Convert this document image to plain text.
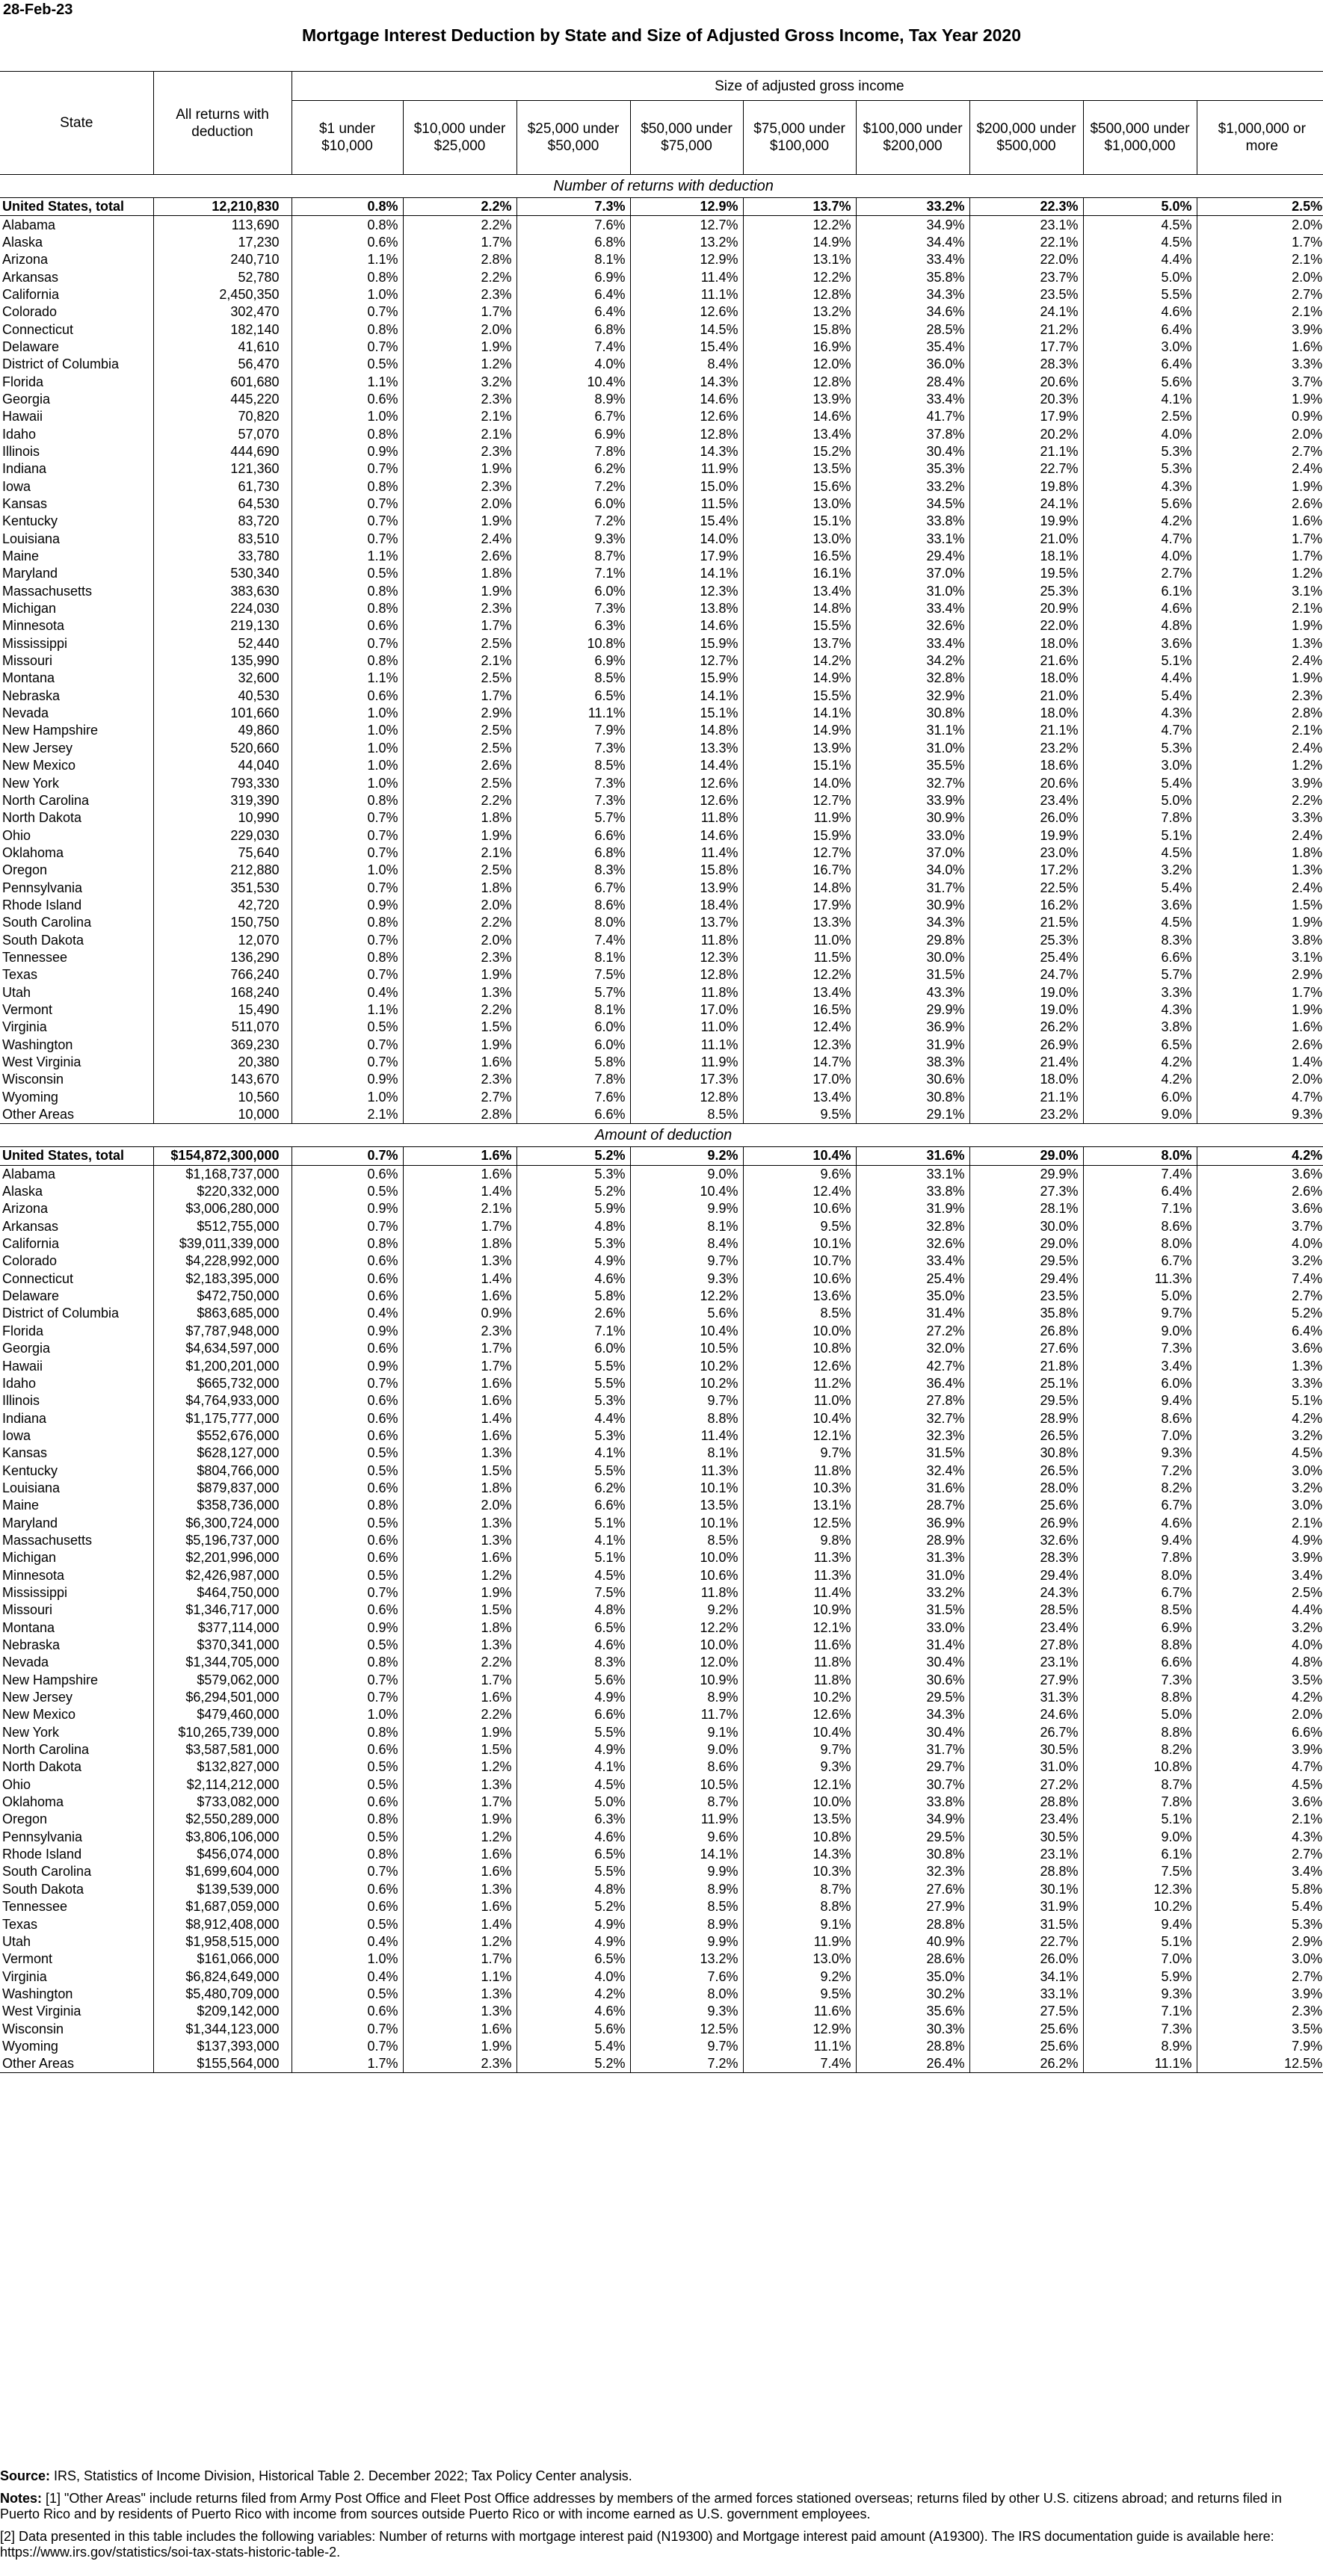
28-Feb-23
Mortgage Interest Deduction by State and Size of Adjusted Gross Income, Tax Year 2020
State	All returns with deduction	Size of adjusted gross income								
		$1 under $10,000	$10,000 under $25,000	$25,000 under $50,000	$50,000 under $75,000	$75,000 under $100,000	$100,000 under $200,000	$200,000 under $500,000	$500,000 under $1,000,000	$1,000,000 or more
Number of returns with deduction										
United States, total	12,210,830	0.8%	2.2%	7.3%	12.9%	13.7%	33.2%	22.3%	5.0%	2.5%
Alabama	113,690	0.8%	2.2%	7.6%	12.7%	12.2%	34.9%	23.1%	4.5%	2.0%
Alaska	17,230	0.6%	1.7%	6.8%	13.2%	14.9%	34.4%	22.1%	4.5%	1.7%
Arizona	240,710	1.1%	2.8%	8.1%	12.9%	13.1%	33.4%	22.0%	4.4%	2.1%
Arkansas	52,780	0.8%	2.2%	6.9%	11.4%	12.2%	35.8%	23.7%	5.0%	2.0%
California	2,450,350	1.0%	2.3%	6.4%	11.1%	12.8%	34.3%	23.5%	5.5%	2.7%
Colorado	302,470	0.7%	1.7%	6.4%	12.6%	13.2%	34.6%	24.1%	4.6%	2.1%
Connecticut	182,140	0.8%	2.0%	6.8%	14.5%	15.8%	28.5%	21.2%	6.4%	3.9%
Delaware	41,610	0.7%	1.9%	7.4%	15.4%	16.9%	35.4%	17.7%	3.0%	1.6%
District of Columbia	56,470	0.5%	1.2%	4.0%	8.4%	12.0%	36.0%	28.3%	6.4%	3.3%
Florida	601,680	1.1%	3.2%	10.4%	14.3%	12.8%	28.4%	20.6%	5.6%	3.7%
Georgia	445,220	0.6%	2.3%	8.9%	14.6%	13.9%	33.4%	20.3%	4.1%	1.9%
Hawaii	70,820	1.0%	2.1%	6.7%	12.6%	14.6%	41.7%	17.9%	2.5%	0.9%
Idaho	57,070	0.8%	2.1%	6.9%	12.8%	13.4%	37.8%	20.2%	4.0%	2.0%
Illinois	444,690	0.9%	2.3%	7.8%	14.3%	15.2%	30.4%	21.1%	5.3%	2.7%
Indiana	121,360	0.7%	1.9%	6.2%	11.9%	13.5%	35.3%	22.7%	5.3%	2.4%
Iowa	61,730	0.8%	2.3%	7.2%	15.0%	15.6%	33.2%	19.8%	4.3%	1.9%
Kansas	64,530	0.7%	2.0%	6.0%	11.5%	13.0%	34.5%	24.1%	5.6%	2.6%
Kentucky	83,720	0.7%	1.9%	7.2%	15.4%	15.1%	33.8%	19.9%	4.2%	1.6%
Louisiana	83,510	0.7%	2.4%	9.3%	14.0%	13.0%	33.1%	21.0%	4.7%	1.7%
Maine	33,780	1.1%	2.6%	8.7%	17.9%	16.5%	29.4%	18.1%	4.0%	1.7%
Maryland	530,340	0.5%	1.8%	7.1%	14.1%	16.1%	37.0%	19.5%	2.7%	1.2%
Massachusetts	383,630	0.8%	1.9%	6.0%	12.3%	13.4%	31.0%	25.3%	6.1%	3.1%
Michigan	224,030	0.8%	2.3%	7.3%	13.8%	14.8%	33.4%	20.9%	4.6%	2.1%
Minnesota	219,130	0.6%	1.7%	6.3%	14.6%	15.5%	32.6%	22.0%	4.8%	1.9%
Mississippi	52,440	0.7%	2.5%	10.8%	15.9%	13.7%	33.4%	18.0%	3.6%	1.3%
Missouri	135,990	0.8%	2.1%	6.9%	12.7%	14.2%	34.2%	21.6%	5.1%	2.4%
Montana	32,600	1.1%	2.5%	8.5%	15.9%	14.9%	32.8%	18.0%	4.4%	1.9%
Nebraska	40,530	0.6%	1.7%	6.5%	14.1%	15.5%	32.9%	21.0%	5.4%	2.3%
Nevada	101,660	1.0%	2.9%	11.1%	15.1%	14.1%	30.8%	18.0%	4.3%	2.8%
New Hampshire	49,860	1.0%	2.5%	7.9%	14.8%	14.9%	31.1%	21.1%	4.7%	2.1%
New Jersey	520,660	1.0%	2.5%	7.3%	13.3%	13.9%	31.0%	23.2%	5.3%	2.4%
New Mexico	44,040	1.0%	2.6%	8.5%	14.4%	15.1%	35.5%	18.6%	3.0%	1.2%
New York	793,330	1.0%	2.5%	7.3%	12.6%	14.0%	32.7%	20.6%	5.4%	3.9%
North Carolina	319,390	0.8%	2.2%	7.3%	12.6%	12.7%	33.9%	23.4%	5.0%	2.2%
North Dakota	10,990	0.7%	1.8%	5.7%	11.8%	11.9%	30.9%	26.0%	7.8%	3.3%
Ohio	229,030	0.7%	1.9%	6.6%	14.6%	15.9%	33.0%	19.9%	5.1%	2.4%
Oklahoma	75,640	0.7%	2.1%	6.8%	11.4%	12.7%	37.0%	23.0%	4.5%	1.8%
Oregon	212,880	1.0%	2.5%	8.3%	15.8%	16.7%	34.0%	17.2%	3.2%	1.3%
Pennsylvania	351,530	0.7%	1.8%	6.7%	13.9%	14.8%	31.7%	22.5%	5.4%	2.4%
Rhode Island	42,720	0.9%	2.0%	8.6%	18.4%	17.9%	30.9%	16.2%	3.6%	1.5%
South Carolina	150,750	0.8%	2.2%	8.0%	13.7%	13.3%	34.3%	21.5%	4.5%	1.9%
South Dakota	12,070	0.7%	2.0%	7.4%	11.8%	11.0%	29.8%	25.3%	8.3%	3.8%
Tennessee	136,290	0.8%	2.3%	8.1%	12.3%	11.5%	30.0%	25.4%	6.6%	3.1%
Texas	766,240	0.7%	1.9%	7.5%	12.8%	12.2%	31.5%	24.7%	5.7%	2.9%
Utah	168,240	0.4%	1.3%	5.7%	11.8%	13.4%	43.3%	19.0%	3.3%	1.7%
Vermont	15,490	1.1%	2.2%	8.1%	17.0%	16.5%	29.9%	19.0%	4.3%	1.9%
Virginia	511,070	0.5%	1.5%	6.0%	11.0%	12.4%	36.9%	26.2%	3.8%	1.6%
Washington	369,230	0.7%	1.9%	6.0%	11.1%	12.3%	31.9%	26.9%	6.5%	2.6%
West Virginia	20,380	0.7%	1.6%	5.8%	11.9%	14.7%	38.3%	21.4%	4.2%	1.4%
Wisconsin	143,670	0.9%	2.3%	7.8%	17.3%	17.0%	30.6%	18.0%	4.2%	2.0%
Wyoming	10,560	1.0%	2.7%	7.6%	12.8%	13.4%	30.8%	21.1%	6.0%	4.7%
Other Areas	10,000	2.1%	2.8%	6.6%	8.5%	9.5%	29.1%	23.2%	9.0%	9.3%
Amount of deduction										
United States, total	$154,872,300,000	0.7%	1.6%	5.2%	9.2%	10.4%	31.6%	29.0%	8.0%	4.2%
Alabama	$1,168,737,000	0.6%	1.6%	5.3%	9.0%	9.6%	33.1%	29.9%	7.4%	3.6%
Alaska	$220,332,000	0.5%	1.4%	5.2%	10.4%	12.4%	33.8%	27.3%	6.4%	2.6%
Arizona	$3,006,280,000	0.9%	2.1%	5.9%	9.9%	10.6%	31.9%	28.1%	7.1%	3.6%
Arkansas	$512,755,000	0.7%	1.7%	4.8%	8.1%	9.5%	32.8%	30.0%	8.6%	3.7%
California	$39,011,339,000	0.8%	1.8%	5.3%	8.4%	10.1%	32.6%	29.0%	8.0%	4.0%
Colorado	$4,228,992,000	0.6%	1.3%	4.9%	9.7%	10.7%	33.4%	29.5%	6.7%	3.2%
Connecticut	$2,183,395,000	0.6%	1.4%	4.6%	9.3%	10.6%	25.4%	29.4%	11.3%	7.4%
Delaware	$472,750,000	0.6%	1.6%	5.8%	12.2%	13.6%	35.0%	23.5%	5.0%	2.7%
District of Columbia	$863,685,000	0.4%	0.9%	2.6%	5.6%	8.5%	31.4%	35.8%	9.7%	5.2%
Florida	$7,787,948,000	0.9%	2.3%	7.1%	10.4%	10.0%	27.2%	26.8%	9.0%	6.4%
Georgia	$4,634,597,000	0.6%	1.7%	6.0%	10.5%	10.8%	32.0%	27.6%	7.3%	3.6%
Hawaii	$1,200,201,000	0.9%	1.7%	5.5%	10.2%	12.6%	42.7%	21.8%	3.4%	1.3%
Idaho	$665,732,000	0.7%	1.6%	5.5%	10.2%	11.2%	36.4%	25.1%	6.0%	3.3%
Illinois	$4,764,933,000	0.6%	1.6%	5.3%	9.7%	11.0%	27.8%	29.5%	9.4%	5.1%
Indiana	$1,175,777,000	0.6%	1.4%	4.4%	8.8%	10.4%	32.7%	28.9%	8.6%	4.2%
Iowa	$552,676,000	0.6%	1.6%	5.3%	11.4%	12.1%	32.3%	26.5%	7.0%	3.2%
Kansas	$628,127,000	0.5%	1.3%	4.1%	8.1%	9.7%	31.5%	30.8%	9.3%	4.5%
Kentucky	$804,766,000	0.5%	1.5%	5.5%	11.3%	11.8%	32.4%	26.5%	7.2%	3.0%
Louisiana	$879,837,000	0.6%	1.8%	6.2%	10.1%	10.3%	31.6%	28.0%	8.2%	3.2%
Maine	$358,736,000	0.8%	2.0%	6.6%	13.5%	13.1%	28.7%	25.6%	6.7%	3.0%
Maryland	$6,300,724,000	0.5%	1.3%	5.1%	10.1%	12.5%	36.9%	26.9%	4.6%	2.1%
Massachusetts	$5,196,737,000	0.6%	1.3%	4.1%	8.5%	9.8%	28.9%	32.6%	9.4%	4.9%
Michigan	$2,201,996,000	0.6%	1.6%	5.1%	10.0%	11.3%	31.3%	28.3%	7.8%	3.9%
Minnesota	$2,426,987,000	0.5%	1.2%	4.5%	10.6%	11.3%	31.0%	29.4%	8.0%	3.4%
Mississippi	$464,750,000	0.7%	1.9%	7.5%	11.8%	11.4%	33.2%	24.3%	6.7%	2.5%
Missouri	$1,346,717,000	0.6%	1.5%	4.8%	9.2%	10.9%	31.5%	28.5%	8.5%	4.4%
Montana	$377,114,000	0.9%	1.8%	6.5%	12.2%	12.1%	33.0%	23.4%	6.9%	3.2%
Nebraska	$370,341,000	0.5%	1.3%	4.6%	10.0%	11.6%	31.4%	27.8%	8.8%	4.0%
Nevada	$1,344,705,000	0.8%	2.2%	8.3%	12.0%	11.8%	30.4%	23.1%	6.6%	4.8%
New Hampshire	$579,062,000	0.7%	1.7%	5.6%	10.9%	11.8%	30.6%	27.9%	7.3%	3.5%
New Jersey	$6,294,501,000	0.7%	1.6%	4.9%	8.9%	10.2%	29.5%	31.3%	8.8%	4.2%
New Mexico	$479,460,000	1.0%	2.2%	6.6%	11.7%	12.6%	34.3%	24.6%	5.0%	2.0%
New York	$10,265,739,000	0.8%	1.9%	5.5%	9.1%	10.4%	30.4%	26.7%	8.8%	6.6%
North Carolina	$3,587,581,000	0.6%	1.5%	4.9%	9.0%	9.7%	31.7%	30.5%	8.2%	3.9%
North Dakota	$132,827,000	0.5%	1.2%	4.1%	8.6%	9.3%	29.7%	31.0%	10.8%	4.7%
Ohio	$2,114,212,000	0.5%	1.3%	4.5%	10.5%	12.1%	30.7%	27.2%	8.7%	4.5%
Oklahoma	$733,082,000	0.6%	1.7%	5.0%	8.7%	10.0%	33.8%	28.8%	7.8%	3.6%
Oregon	$2,550,289,000	0.8%	1.9%	6.3%	11.9%	13.5%	34.9%	23.4%	5.1%	2.1%
Pennsylvania	$3,806,106,000	0.5%	1.2%	4.6%	9.6%	10.8%	29.5%	30.5%	9.0%	4.3%
Rhode Island	$456,074,000	0.8%	1.6%	6.5%	14.1%	14.3%	30.8%	23.1%	6.1%	2.7%
South Carolina	$1,699,604,000	0.7%	1.6%	5.5%	9.9%	10.3%	32.3%	28.8%	7.5%	3.4%
South Dakota	$139,539,000	0.6%	1.3%	4.8%	8.9%	8.7%	27.6%	30.1%	12.3%	5.8%
Tennessee	$1,687,059,000	0.6%	1.6%	5.2%	8.5%	8.8%	27.9%	31.9%	10.2%	5.4%
Texas	$8,912,408,000	0.5%	1.4%	4.9%	8.9%	9.1%	28.8%	31.5%	9.4%	5.3%
Utah	$1,958,515,000	0.4%	1.2%	4.9%	9.9%	11.9%	40.9%	22.7%	5.1%	2.9%
Vermont	$161,066,000	1.0%	1.7%	6.5%	13.2%	13.0%	28.6%	26.0%	7.0%	3.0%
Virginia	$6,824,649,000	0.4%	1.1%	4.0%	7.6%	9.2%	35.0%	34.1%	5.9%	2.7%
Washington	$5,480,709,000	0.5%	1.3%	4.2%	8.0%	9.5%	30.2%	33.1%	9.3%	3.9%
West Virginia	$209,142,000	0.6%	1.3%	4.6%	9.3%	11.6%	35.6%	27.5%	7.1%	2.3%
Wisconsin	$1,344,123,000	0.7%	1.6%	5.6%	12.5%	12.9%	30.3%	25.6%	7.3%	3.5%
Wyoming	$137,393,000	0.7%	1.9%	5.4%	9.7%	11.1%	28.8%	25.6%	8.9%	7.9%
Other Areas	$155,564,000	1.7%	2.3%	5.2%	7.2%	7.4%	26.4%	26.2%	11.1%	12.5%

Source: IRS, Statistics of Income Division, Historical Table 2. December 2022; Tax Policy Center analysis.

Notes: [1] "Other Areas" include returns filed from Army Post Office and Fleet Post Office addresses by members of the armed forces stationed overseas; returns filed by other U.S. citizens abroad; and returns filed in Puerto Rico and by residents of Puerto Rico with income from sources outside Puerto Rico or with income earned as U.S. government employees.

[2] Data presented in this table includes the following variables: Number of returns with mortgage interest paid (N19300) and Mortgage interest paid amount (A19300). The IRS documentation guide is available here: https://www.irs.gov/statistics/soi-tax-stats-historic-table-2.
